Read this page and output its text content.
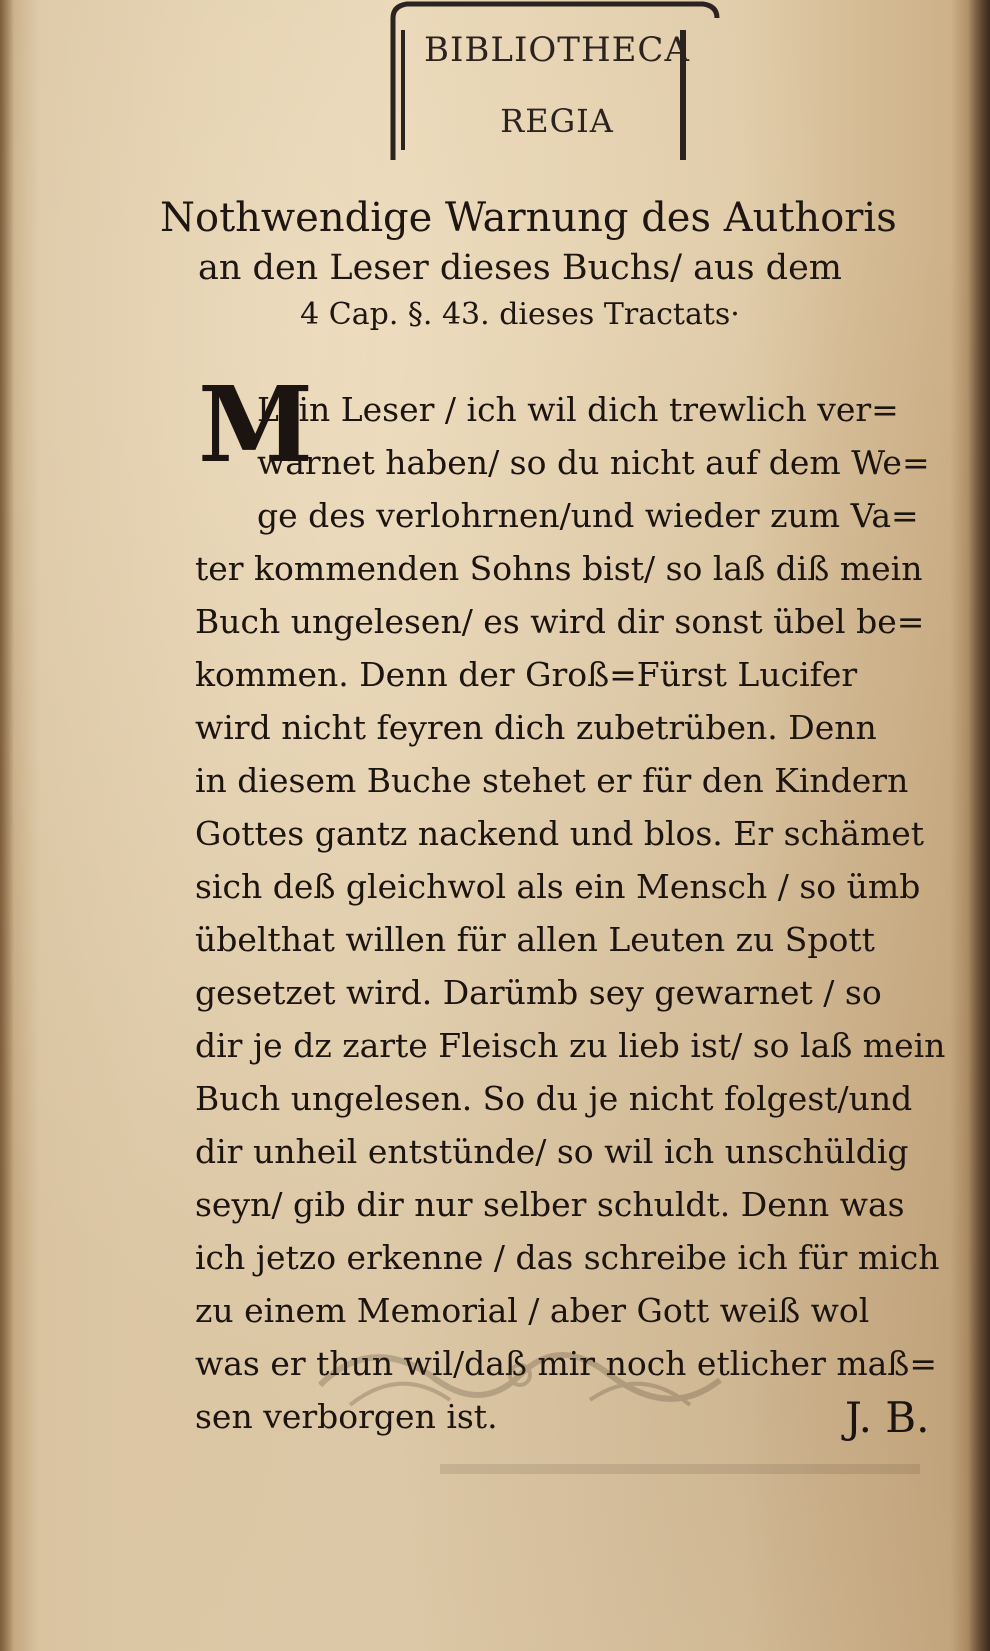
BIBLIOTHECA
REGIA
Nothwendige Warnung des Authoris
an den Leser dieses Buchs/ aus dem
4 Cap. §. 43. dieses Tractats·
M
Lein Leser / ich wil dich trewlich ver=
warnet haben/ so du nicht auf dem We=
ge des verlohrnen/und wieder zum Va=
ter kommenden Sohns bist/ so laß diß mein
Buch ungelesen/ es wird dir sonst übel be=
kommen. Denn der Groß=Fürst Lucifer
wird nicht feyren dich zubetrüben. Denn
in diesem Buche stehet er für den Kindern
Gottes gantz nackend und blos. Er schämet
sich deß gleichwol als ein Mensch / so ümb
übelthat willen für allen Leuten zu Spott
gesetzet wird. Darümb sey gewarnet / so
dir je dz zarte Fleisch zu lieb ist/ so laß mein
Buch ungelesen. So du je nicht folgest/und
dir unheil entstünde/ so wil ich unschüldig
seyn/ gib dir nur selber schuldt. Denn was
ich jetzo erkenne / das schreibe ich für mich
zu einem Memorial / aber Gott weiß wol
was er thun wil/daß mir noch etlicher maß=
sen verborgen ist.	J. B.
